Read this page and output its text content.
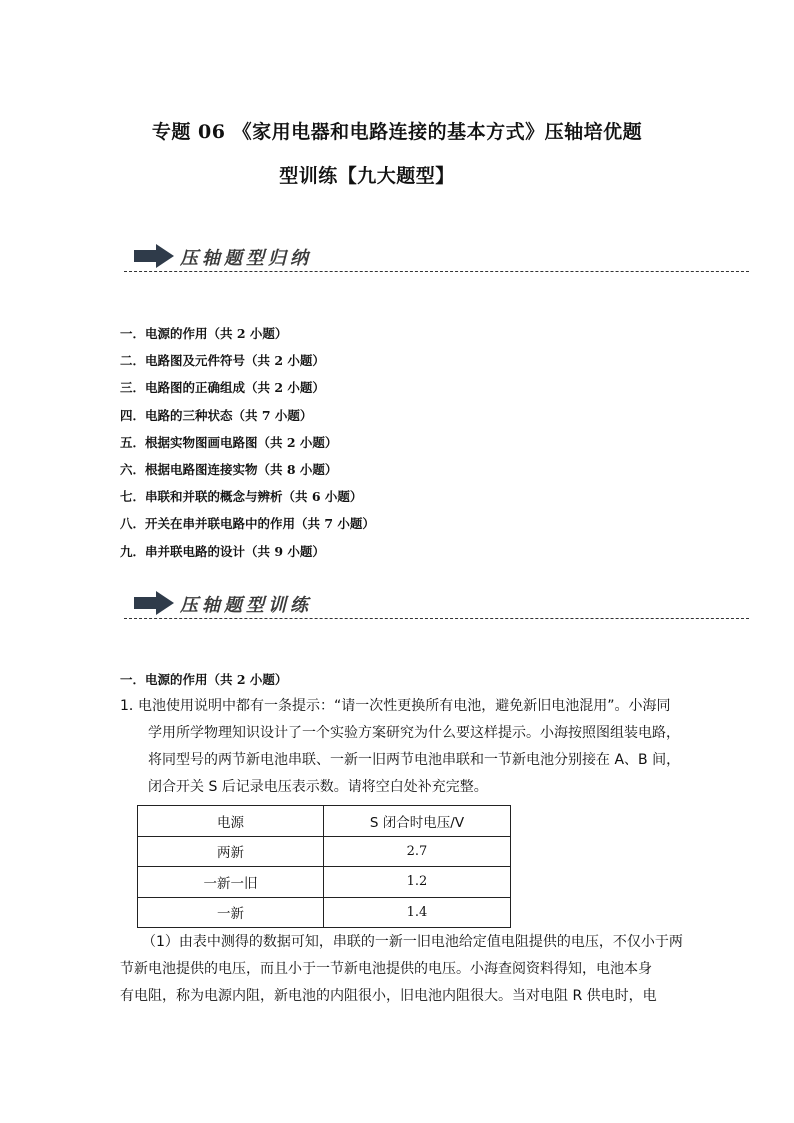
专题 06 《家用电器和电路连接的基本方式》压轴培优题
型训练【九大题型】
压轴题型归纳
一．电源的作用（共 2 小题）
二．电路图及元件符号（共 2 小题）
三．电路图的正确组成（共 2 小题）
四．电路的三种状态（共 7 小题）
五．根据实物图画电路图（共 2 小题）
六．根据电路图连接实物（共 8 小题）
七．串联和并联的概念与辨析（共 6 小题）
八．开关在串并联电路中的作用（共 7 小题）
九．串并联电路的设计（共 9 小题）
压轴题型训练
一．电源的作用（共 2 小题）
1．
电池使用说明中都有一条提示：“请一次性更换所有电池，避免新旧电池混用”。小海同
学用所学物理知识设计了一个实验方案研究为什么要这样提示。小海按照图组装电路，
将同型号的两节新电池串联、一新一旧两节电池串联和一节新电池分别接在 A、B 间，
闭合开关 S 后记录电压表示数。请将空白处补充完整。
电源	S 闭合时电压/V
两新	2.7
一新一旧	1.2
一新	1.4
（1）由表中测得的数据可知，串联的一新一旧电池给定值电阻提供的电压，不仅小于两
节新电池提供的电压，而且小于一节新电池提供的电压。小海查阅资料得知，电池本身
有电阻，称为电源内阻，新电池的内阻很小，旧电池内阻很大。当对电阻 R 供电时，电
